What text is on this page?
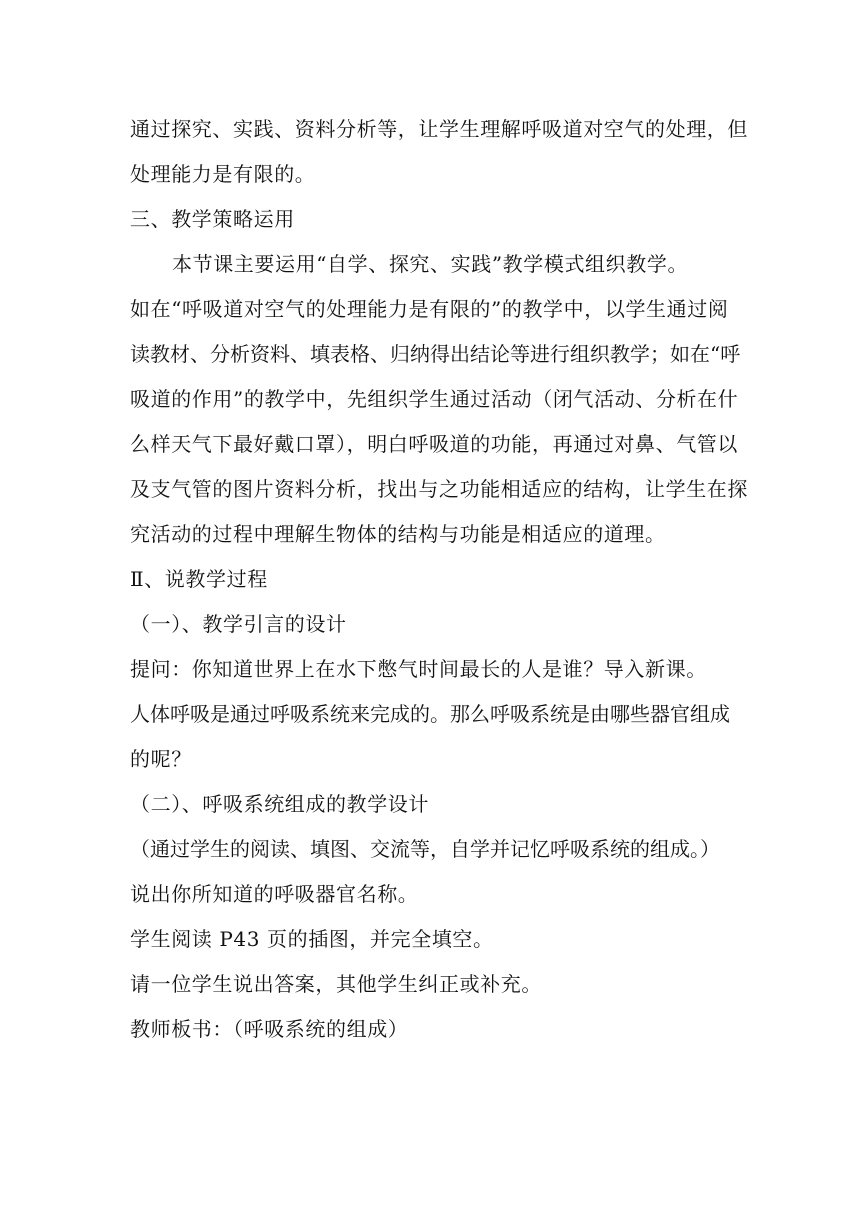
通过探究、实践、资料分析等，让学生理解呼吸道对空气的处理，但
处理能力是有限的。
三、教学策略运用
本节课主要运用“自学、探究、实践”教学模式组织教学。
如在“呼吸道对空气的处理能力是有限的”的教学中，以学生通过阅
读教材、分析资料、填表格、归纳得出结论等进行组织教学；如在“呼
吸道的作用”的教学中，先组织学生通过活动（闭气活动、分析在什
么样天气下最好戴口罩），明白呼吸道的功能，再通过对鼻、气管以
及支气管的图片资料分析，找出与之功能相适应的结构，让学生在探
究活动的过程中理解生物体的结构与功能是相适应的道理。
Ⅱ、说教学过程
（一）、教学引言的设计
提问：你知道世界上在水下憋气时间最长的人是谁？导入新课。
人体呼吸是通过呼吸系统来完成的。那么呼吸系统是由哪些器官组成
的呢？
（二）、呼吸系统组成的教学设计
（通过学生的阅读、填图、交流等，自学并记忆呼吸系统的组成。）
说出你所知道的呼吸器官名称。
学生阅读 P43 页的插图，并完全填空。
请一位学生说出答案，其他学生纠正或补充。
教师板书：（呼吸系统的组成）
